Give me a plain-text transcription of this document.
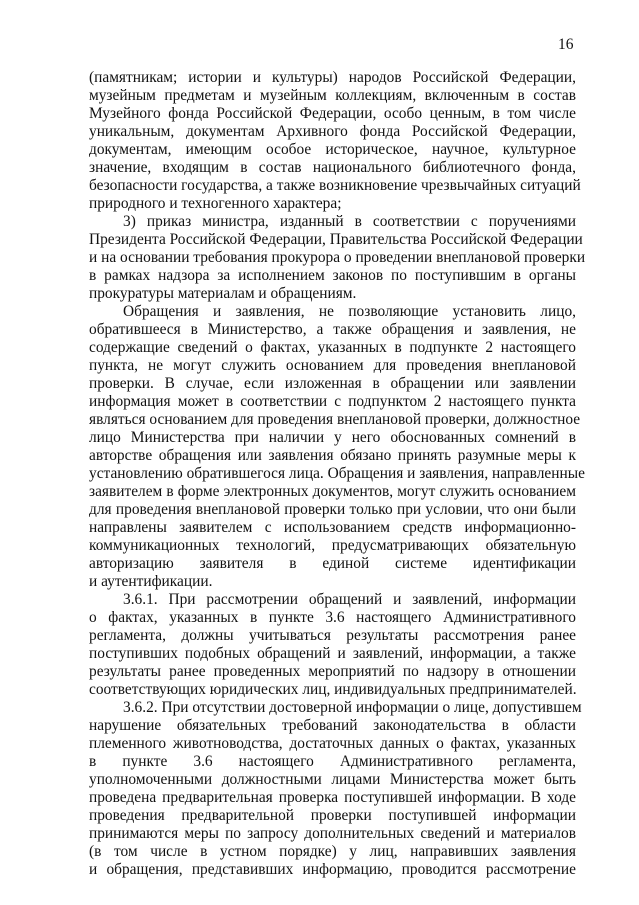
16
(памятникам; истории и культуры) народов Российской Федерации,
музейным предметам и музейным коллекциям, включенным в состав
Музейного фонда Российской Федерации, особо ценным, в том числе
уникальным, документам Архивного фонда Российской Федерации,
документам, имеющим особое историческое, научное, культурное
значение, входящим в состав национального библиотечного фонда,
безопасности государства, а также возникновение чрезвычайных ситуаций
природного и техногенного характера;
3) приказ министра, изданный в соответствии с поручениями
Президента Российской Федерации, Правительства Российской Федерации
и на основании требования прокурора о проведении внеплановой проверки
в рамках надзора за исполнением законов по поступившим в органы
прокуратуры материалам и обращениям.
Обращения и заявления, не позволяющие установить лицо,
обратившееся в Министерство, а также обращения и заявления, не
содержащие сведений о фактах, указанных в подпункте 2 настоящего
пункта, не могут служить основанием для проведения внеплановой
проверки. В случае, если изложенная в обращении или заявлении
информация может в соответствии с подпунктом 2 настоящего пункта
являться основанием для проведения внеплановой проверки, должностное
лицо Министерства при наличии у него обоснованных сомнений в
авторстве обращения или заявления обязано принять разумные меры к
установлению обратившегося лица. Обращения и заявления, направленные
заявителем в форме электронных документов, могут служить основанием
для проведения внеплановой проверки только при условии, что они были
направлены заявителем с использованием средств информационно-
коммуникационных технологий, предусматривающих обязательную
авторизацию заявителя в единой системе идентификации
и аутентификации.
3.6.1. При рассмотрении обращений и заявлений, информации
о фактах, указанных в пункте 3.6 настоящего Административного
регламента, должны учитываться результаты рассмотрения ранее
поступивших подобных обращений и заявлений, информации, а также
результаты ранее проведенных мероприятий по надзору в отношении
соответствующих юридических лиц, индивидуальных предпринимателей.
3.6.2. При отсутствии достоверной информации о лице, допустившем
нарушение обязательных требований законодательства в области
племенного животноводства, достаточных данных о фактах, указанных
в пункте 3.6 настоящего Административного регламента,
уполномоченными должностными лицами Министерства может быть
проведена предварительная проверка поступившей информации. В ходе
проведения предварительной проверки поступившей информации
принимаются меры по запросу дополнительных сведений и материалов
(в том числе в устном порядке) у лиц, направивших заявления
и обращения, представивших информацию, проводится рассмотрение
